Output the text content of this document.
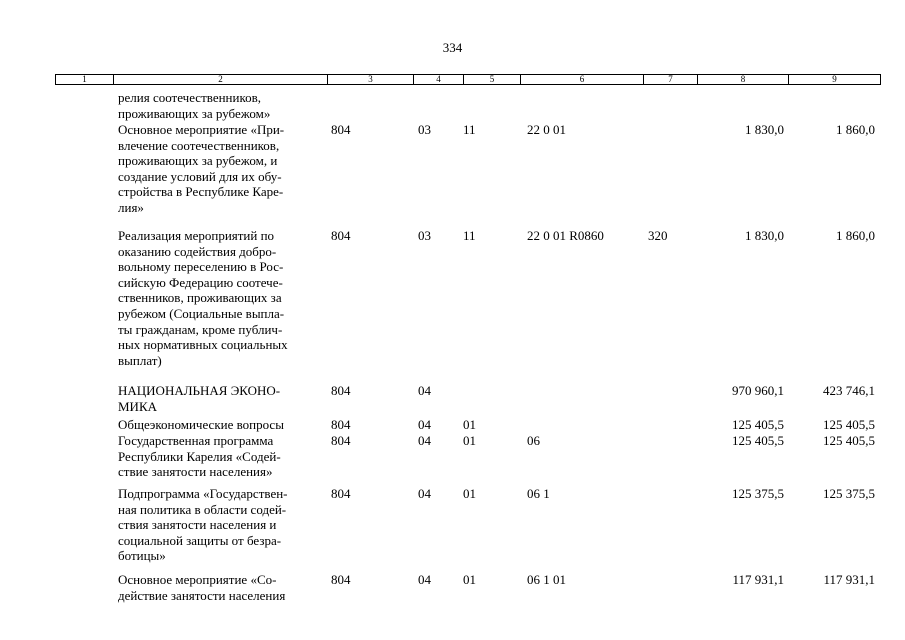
334
1	2	3	4	5	6	7	8	9
релия соотечественников,
проживающих за рубежом»
Основное мероприятие «При-
влечение соотечественников,
проживающих за рубежом, и
создание условий для их обу-
стройства в Республике Каре-
лия»
804	03 11	22 0 01	1 830,0	1 860,0
Реализация мероприятий по
оказанию содействия добро-
вольному переселению в Рос-
сийскую Федерацию соотече-
ственников, проживающих за
рубежом (Социальные выпла-
ты гражданам, кроме публич-
ных нормативных социальных
выплат)
804	03 11	22 0 01 R0860	320	1 830,0	1 860,0
НАЦИОНАЛЬНАЯ ЭКОНО-
МИКА
804	04	970 960,1	423 746,1
Общеэкономические вопросы	804	04 01	125 405,5	125 405,5
Государственная программа
Республики Карелия «Содей-
ствие занятости населения»
804	04 01	06	125 405,5	125 405,5
Подпрограмма «Государствен-
ная политика в области содей-
ствия занятости населения и
социальной защиты от безра-
ботицы»
804	04 01	06 1	125 375,5	125 375,5
Основное мероприятие «Со-
действие занятости населения
804	04 01	06 1 01	117 931,1	117 931,1
